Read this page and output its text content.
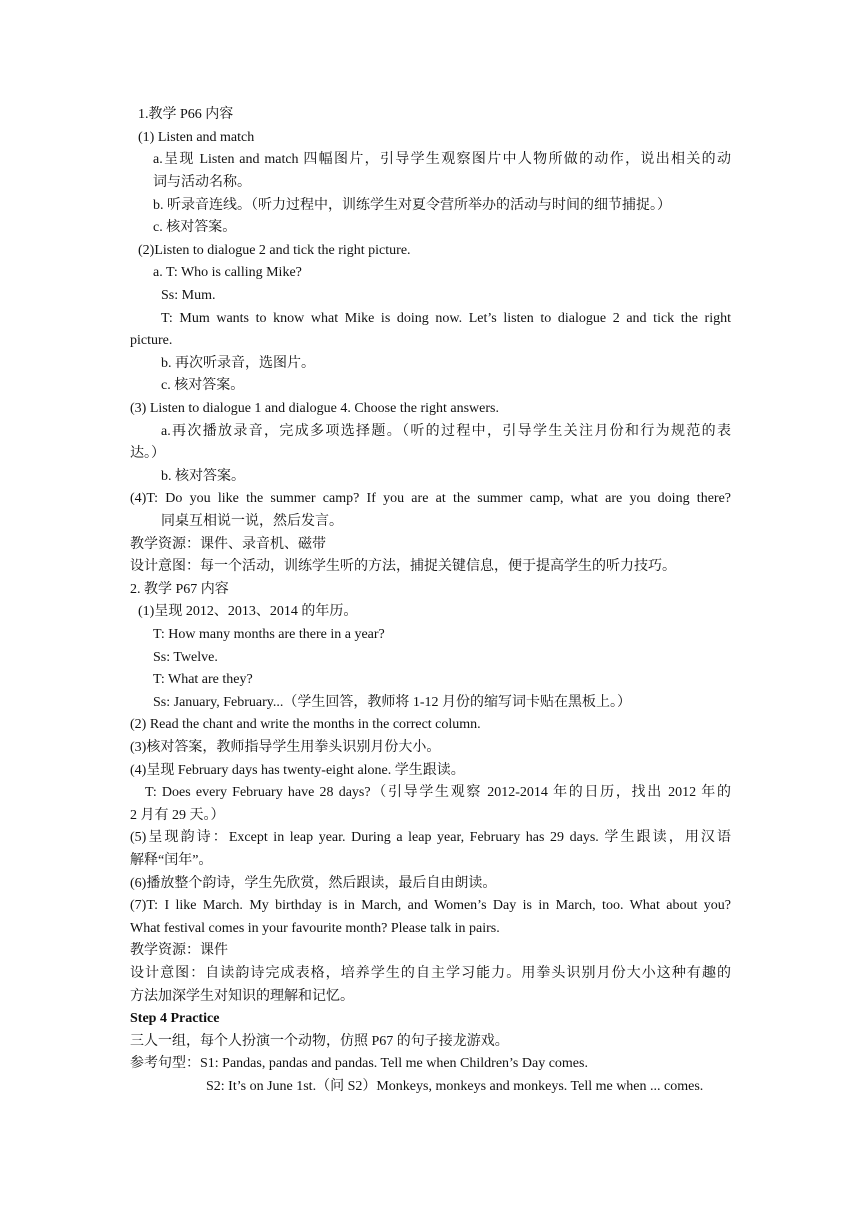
1.教学 P66 内容
(1) Listen and match
a.呈现 Listen and match 四幅图片，引导学生观察图片中人物所做的动作，说出相关的动
词与活动名称。
b. 听录音连线。（听力过程中，训练学生对夏令营所举办的活动与时间的细节捕捉。）
c. 核对答案。
(2)Listen to dialogue 2 and tick the right picture.
a. T: Who is calling Mike?
Ss: Mum.
T: Mum wants to know what Mike is doing now. Let’s listen to dialogue 2 and tick the right
picture.
b. 再次听录音，选图片。
c. 核对答案。
(3) Listen to dialogue 1 and dialogue 4. Choose the right answers.
a.再次播放录音，完成多项选择题。（听的过程中，引导学生关注月份和行为规范的表
达。）
b. 核对答案。
(4)T: Do you like the summer camp? If you are at the summer camp, what are you doing there?
同桌互相说一说，然后发言。
教学资源：课件、录音机、磁带
设计意图：每一个活动，训练学生听的方法，捕捉关键信息，便于提高学生的听力技巧。
2. 教学 P67 内容
(1)呈现 2012、2013、2014 的年历。
T: How many months are there in a year?
Ss: Twelve.
T: What are they?
Ss: January, February...（学生回答，教师将 1-12 月份的缩写词卡贴在黑板上。）
(2) Read the chant and write the months in the correct column.
(3)核对答案，教师指导学生用拳头识别月份大小。
(4)呈现 February days has twenty-eight alone. 学生跟读。
T: Does every February have 28 days?（引导学生观察 2012-2014 年的日历，找出 2012 年的
2 月有 29 天。）
(5)呈现韵诗：Except in leap year. During a leap year, February has 29 days. 学生跟读，用汉语
解释“闰年”。
(6)播放整个韵诗，学生先欣赏，然后跟读，最后自由朗读。
(7)T: I like March. My birthday is in March, and Women’s Day is in March, too. What about you?
What festival comes in your favourite month? Please talk in pairs.
教学资源：课件
设计意图：自读韵诗完成表格，培养学生的自主学习能力。用拳头识别月份大小这种有趣的
方法加深学生对知识的理解和记忆。
Step 4 Practice
三人一组，每个人扮演一个动物，仿照 P67 的句子接龙游戏。
参考句型：S1: Pandas, pandas and pandas. Tell me when Children’s Day comes.
S2: It’s on June 1st.（问 S2）Monkeys, monkeys and monkeys. Tell me when ... comes.
